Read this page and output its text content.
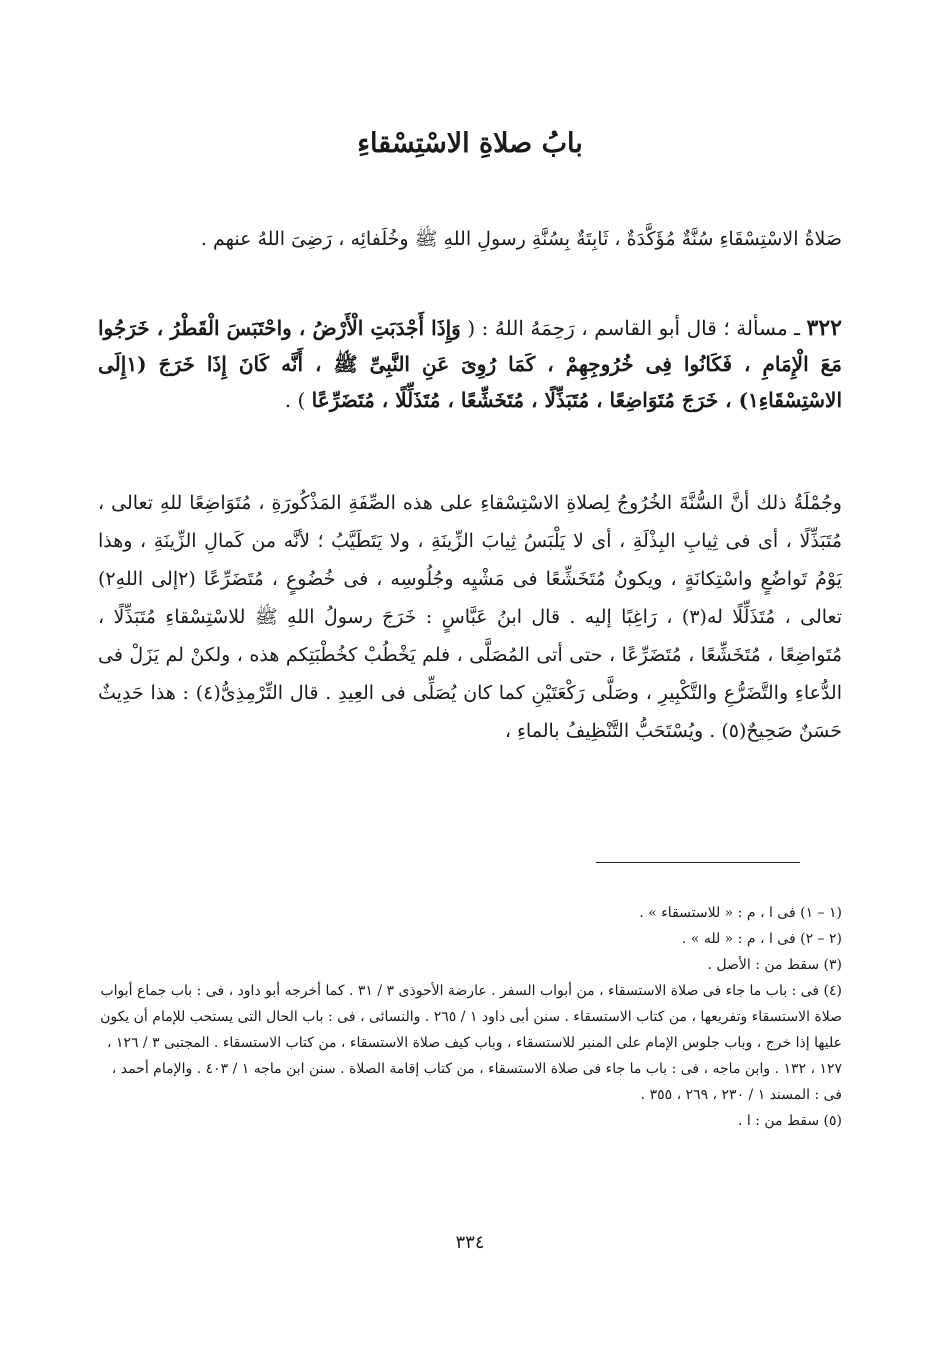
بابُ صلاةِ الاسْتِسْقاءِ

صَلاةُ الاسْتِسْقَاءِ سُنَّةٌ مُؤَكَّدَةٌ ، ثَابِتَةٌ بِسُنَّةِ رسولِ اللهِ ﷺ وخُلَفائِه ، رَضِىَ اللهُ عنهم .

٣٢٢ ـ مسألة ؛ قال أبو القاسم ، رَحِمَهُ اللهُ : ( وَإِذَا أَجْدَبَتِ الْأَرْضُ ، واحْتَبَسَ الْقَطْرُ ، خَرَجُوا مَعَ الْإِمَامِ ، فَكَانُوا فِى خُرُوجِهِمْ ، كَمَا رُوِىَ عَنِ النَّبِىِّ ﷺ ، أَنَّه كَانَ إِذَا خَرَجَ (١إِلَى الاسْتِسْقَاءِ١) ، خَرَجَ مُتَوَاضِعًا ، مُتَبَذِّلًا ، مُتَخَشِّعًا ، مُتَذَلِّلًا ، مُتَضَرِّعًا ) .

وجُمْلَةُ ذلك أنَّ السُّنَّةَ الخُرُوجُ لِصلاةِ الاسْتِسْقاءِ على هذه الصِّفَةِ المَذْكُورَةِ ، مُتَوَاضِعًا للهِ تعالى ، مُتَبَذِّلًا ، أى فى ثِيابِ البِذْلَةِ ، أى لا يَلْبَسُ ثِيابَ الزِّينَةِ ، ولا يَتَطَيَّبُ ؛ لأنَّه من كَمالِ الزِّينَةِ ، وهذا يَوْمُ تَواضُعٍ واسْتِكانَةٍ ، ويكونُ مُتَخَشِّعًا فى مَشْيِه وجُلُوسِه ، فى خُضُوعٍ ، مُتَضَرِّعًا (٢إلى اللهِ٢) تعالى ، مُتَذَلِّلًا له(٣) ، رَاغِبًا إليه . قال ابنُ عَبَّاسٍ : خَرَجَ رسولُ اللهِ ﷺ للاسْتِسْقاءِ مُتَبَذِّلًا ، مُتَواضِعًا ، مُتَخَشِّعًا ، مُتَضَرِّعًا ، حتى أتى المُصَلَّى ، فلم يَخْطُبْ كخُطْبَتِكم هذه ، ولكنْ لم يَزَلْ فى الدُّعاءِ والتَّضَرُّعِ والتَّكْبِيرِ ، وصَلَّى رَكْعَتَيْنِ كما كان يُصَلِّى فى العِيدِ . قال التِّرْمِذِىُّ(٤) : هذا حَدِيثٌ حَسَنٌ صَحِيحٌ(٥) . ويُسْتَحَبُّ التَّنْظِيفُ بالماءِ ،

(١ – ١) فى ا ، م : « للاستسقاء » .

(٢ – ٢) فى ا ، م : « لله » .

(٣) سقط من : الأصل .

(٤) فى : باب ما جاء فى صلاة الاستسقاء ، من أبواب السفر . عارضة الأحوذى ٣ / ٣١ . كما أخرجه أبو داود ، فى : باب جماع أبواب صلاة الاستسقاء وتفريعها ، من كتاب الاستسقاء . سنن أبى داود ١ / ٢٦٥ . والنسائى ، فى : باب الحال التى يستحب للإمام أن يكون عليها إذا خرج ، وباب جلوس الإمام على المنبر للاستسقاء ، وباب كيف صلاة الاستسقاء ، من كتاب الاستسقاء . المجتبى ٣ / ١٢٦ ، ١٢٧ ، ١٣٢ . وابن ماجه ، فى : باب ما جاء فى صلاة الاستسقاء ، من كتاب إقامة الصلاة . سنن ابن ماجه ١ / ٤٠٣ . والإمام أحمد ، فى : المسند ١ / ٢٣٠ ، ٢٦٩ ، ٣٥٥ .

(٥) سقط من : ا .

٣٣٤
